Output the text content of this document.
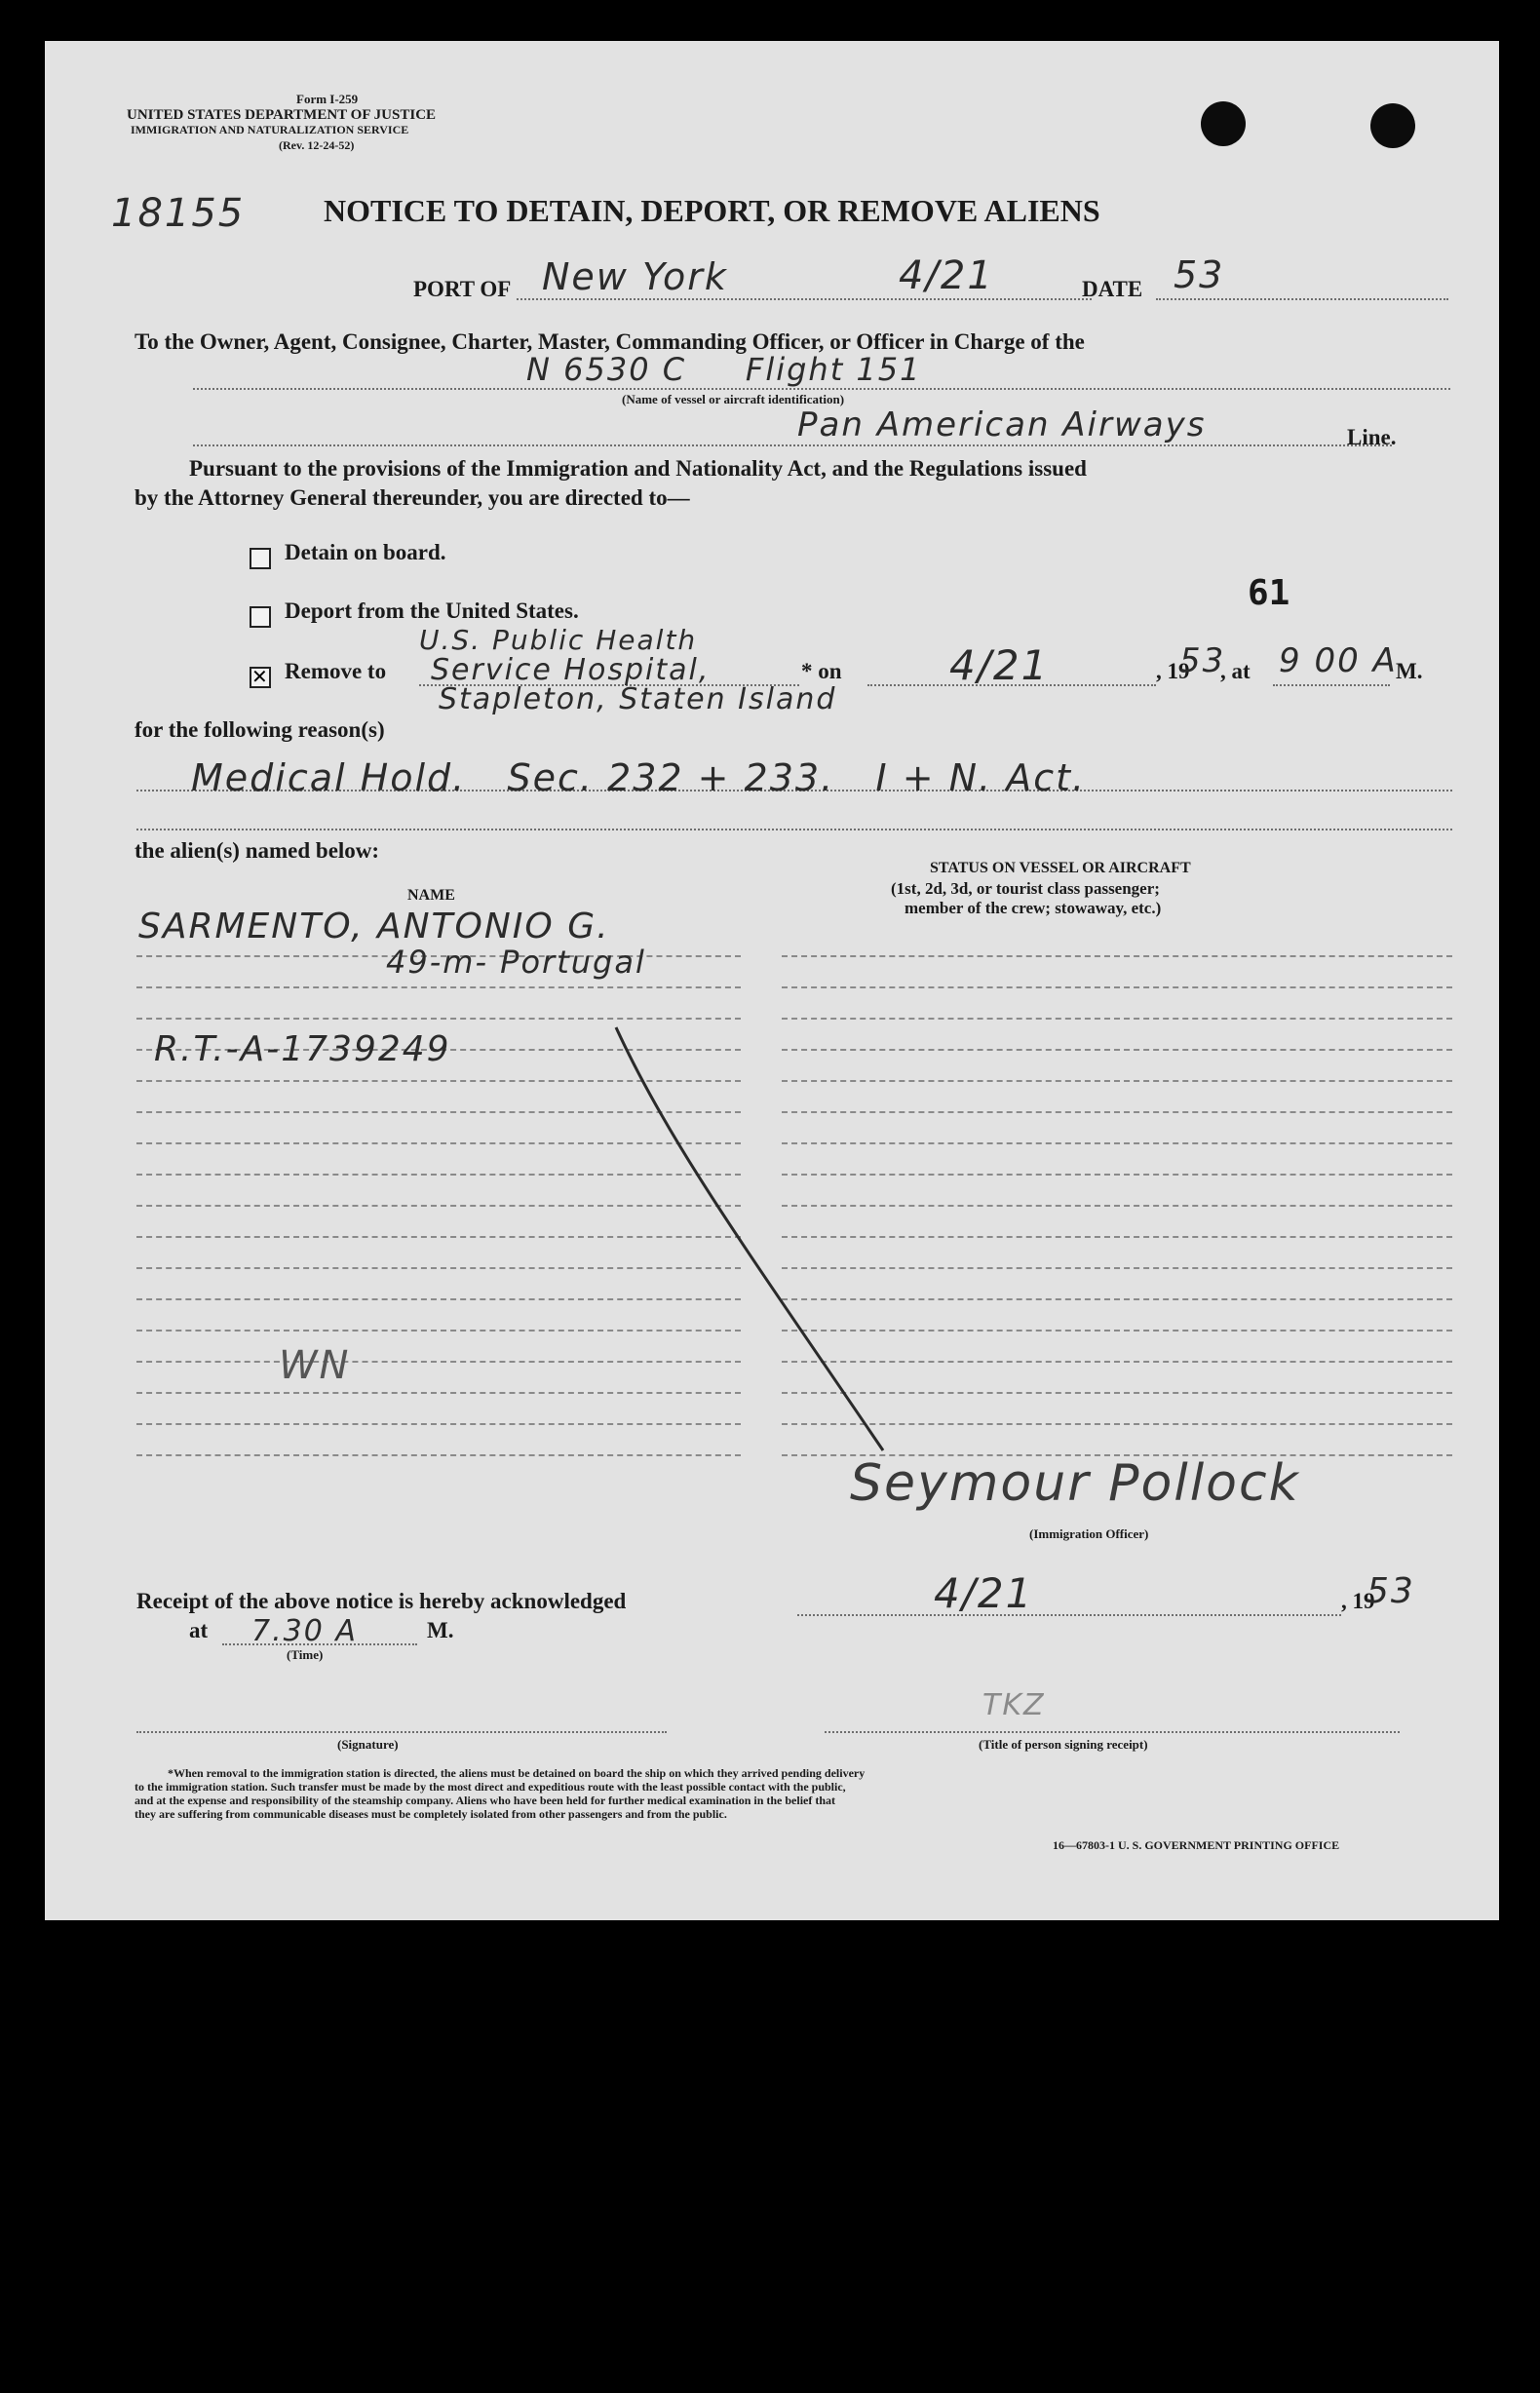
Form I-259
UNITED STATES DEPARTMENT OF JUSTICE
IMMIGRATION AND NATURALIZATION SERVICE
(Rev. 12-24-52)
18155	NOTICE TO DETAIN, DEPORT, OR REMOVE ALIENS
PORT OF New York	4/21	DATE 53
To the Owner, Agent, Consignee, Charter, Master, Commanding Officer, or Officer in Charge of the
N 6530 C     Flight 151
(Name of vessel or aircraft identification)
Pan American Airways	Line.
Pursuant to the provisions of the Immigration and Nationality Act, and the Regulations issued
by the Attorney General thereunder, you are directed to—
Detain on board.
61
Deport from the United States.
✕
Remove to
U.S. Public Health
Service Hospital,
Stapleton, Staten Island
* on	4/21	, 19
53
, at 9 00 A
M.
for the following reason(s)
Medical Hold.   Sec. 232 + 233.   I + N. Act.
the alien(s) named below:
NAME
STATUS ON VESSEL OR AIRCRAFT
(1st, 2d, 3d, or tourist class passenger;
member of the crew; stowaway, etc.)
SARMENTO, ANTONIO G.
49-m- Portugal
R.T.-A-1739249
WN
Seymour Pollock
(Immigration Officer)
Receipt of the above notice is hereby acknowledged	4/21	, 19
53
at 7.30 A	M.
(Time)
(Signature)
TKZ
(Title of person signing receipt)
*When removal to the immigration station is directed, the aliens must be detained on board the ship on which they arrived pending delivery
to the immigration station. Such transfer must be made by the most direct and expeditious route with the least possible contact with the public,
and at the expense and responsibility of the steamship company. Aliens who have been held for further medical examination in the belief that
they are suffering from communicable diseases must be completely isolated from other passengers and from the public.
16—67803-1 U. S. GOVERNMENT PRINTING OFFICE
